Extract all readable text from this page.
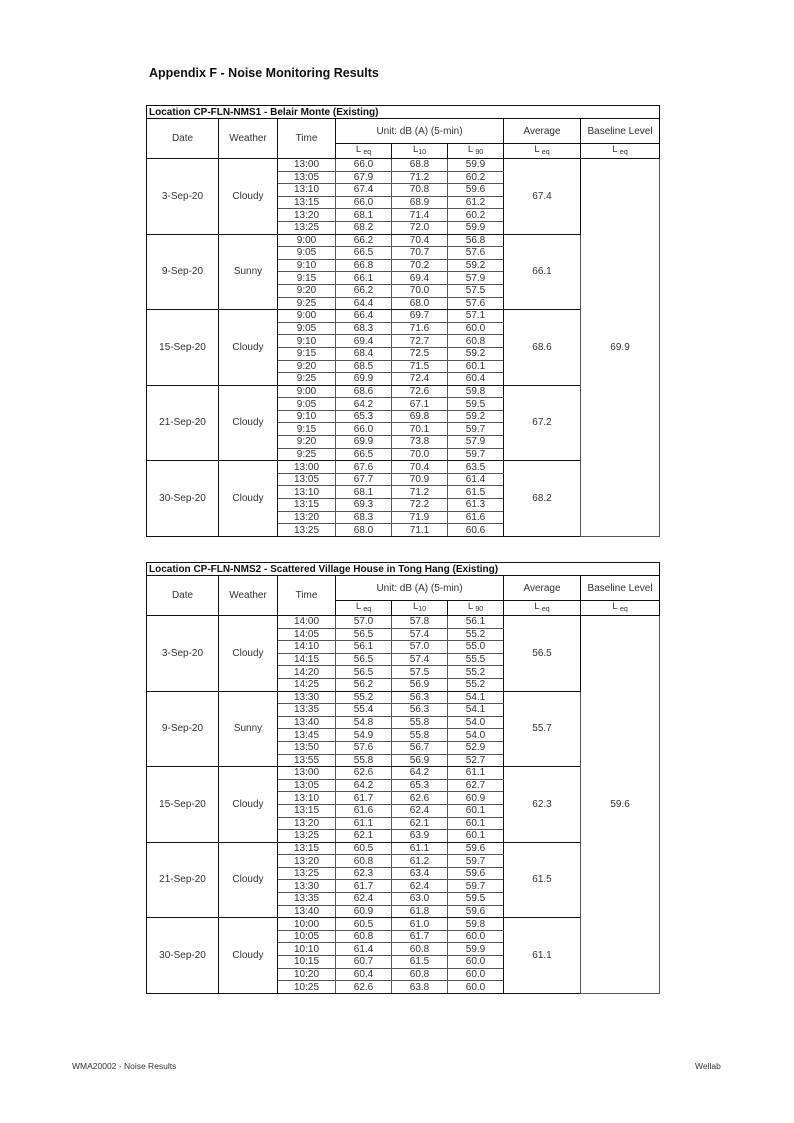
Appendix F - Noise Monitoring Results
Location CP-FLN-NMS1 - Belair Monte (Existing)							
Date	Weather	Time	Unit: dB (A) (5-min)			Average	Baseline Level
			L $_{eq}$	$L_{10}$	L $_{90}$	L $_{eq}$	L $_{eq}$
3-Sep-20	Cloudy	13:00	66.0	68.8	59.9	67.4	69.9
		13:05	67.9	71.2	60.2		
		13:10	67.4	70.8	59.6		
		13:15	66.0	68.9	61.2		
		13:20	68.1	71.4	60.2		
		13:25	68.2	72.0	59.9		
9-Sep-20	Sunny	9:00	66.2	70.4	56.8	66.1	
		9:05	66.5	70.7	57.6		
		9:10	66.8	70.2	59.2		
		9:15	66.1	69.4	57.9		
		9:20	66.2	70.0	57.5		
		9:25	64.4	68.0	57.6		
15-Sep-20	Cloudy	9:00	66.4	69.7	57.1	68.6	
		9:05	68.3	71.6	60.0		
		9:10	69.4	72.7	60.8		
		9:15	68.4	72.5	59.2		
		9:20	68.5	71.5	60.1		
		9:25	69.9	72.4	60.4		
21-Sep-20	Cloudy	9:00	68.6	72.6	59.8	67.2	
		9:05	64.2	67.1	59.5		
		9:10	65.3	69.8	59.2		
		9:15	66.0	70.1	59.7		
		9:20	69.9	73.8	57.9		
		9:25	66.5	70.0	59.7		
30-Sep-20	Cloudy	13:00	67.6	70.4	63.5	68.2	
		13:05	67.7	70.9	61.4		
		13:10	68.1	71.2	61.5		
		13:15	69.3	72.2	61.3		
		13:20	68.3	71.9	61.6		
		13:25	68.0	71.1	60.6		
Location CP-FLN-NMS2 - Scattered Village House in Tong Hang (Existing)							
Date	Weather	Time	Unit: dB (A) (5-min)			Average	Baseline Level
			L $_{eq}$	$L_{10}$	L $_{90}$	L $_{eq}$	L $_{eq}$
3-Sep-20	Cloudy	14:00	57.0	57.8	56.1	56.5	59.6
		14:05	56.5	57.4	55.2		
		14:10	56.1	57.0	55.0		
		14:15	56.5	57.4	55.5		
		14:20	56.5	57.5	55.2		
		14:25	56.2	56.9	55.2		
9-Sep-20	Sunny	13:30	55.2	56.3	54.1	55.7	
		13:35	55.4	56.3	54.1		
		13:40	54.8	55.8	54.0		
		13:45	54.9	55.8	54.0		
		13:50	57.6	56.7	52.9		
		13:55	55.8	56.9	52.7		
15-Sep-20	Cloudy	13:00	62.6	64.2	61.1	62.3	
		13:05	64.2	65.3	62.7		
		13:10	61.7	62.6	60.9		
		13:15	61.6	62.4	60.1		
		13:20	61.1	62.1	60.1		
		13:25	62.1	63.9	60.1		
21-Sep-20	Cloudy	13:15	60.5	61.1	59.6	61.5	
		13:20	60.8	61.2	59.7		
		13:25	62.3	63.4	59.6		
		13:30	61.7	62.4	59.7		
		13:35	62.4	63.0	59.5		
		13:40	60.9	61.8	59.6		
30-Sep-20	Cloudy	10:00	60.5	61.0	59.8	61.1	
		10:05	60.8	61.7	60.0		
		10:10	61.4	60.8	59.9		
		10:15	60.7	61.5	60.0		
		10:20	60.4	60.8	60.0		
		10:25	62.6	63.8	60.0		
WMA20002 - Noise Results	Wellab
